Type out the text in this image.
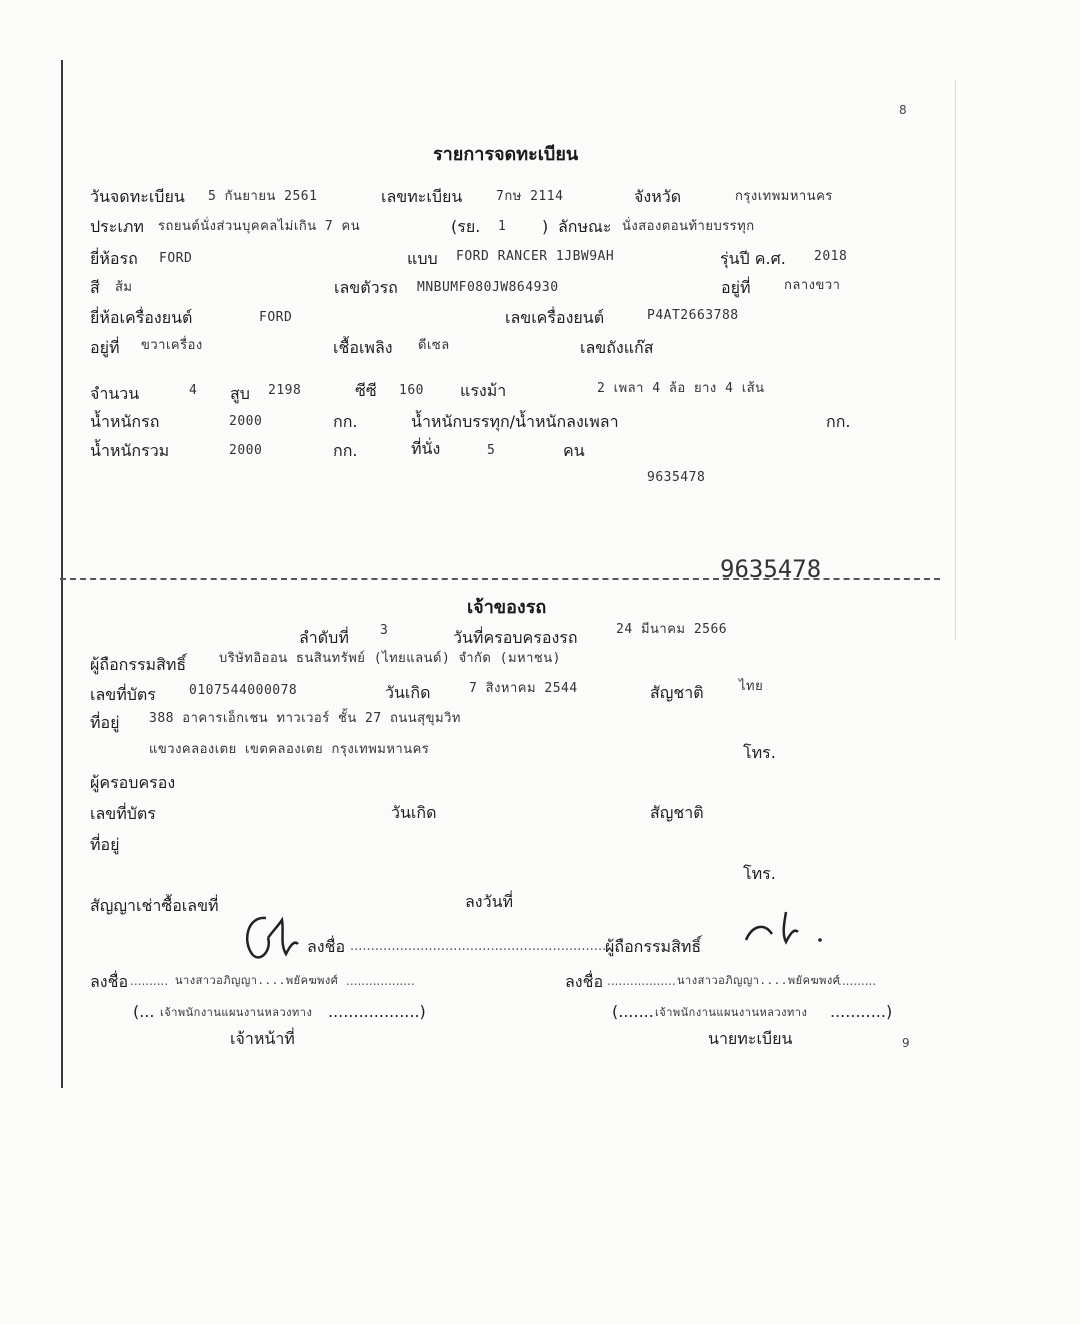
8
รายการจดทะเบียน
วันจดทะเบียน 5 กันยายน 2561	เลขทะเบียน	7กษ 2114	จังหวัด	กรุงเทพมหานคร
ประเภท รถยนต์นั่งส่วนบุคคลไม่เกิน 7 คน	(รย. 1 ) ลักษณะ นั่งสองตอนท้ายบรรทุก
ยี่ห้อรถ FORD	แบบ FORD RANCER 1JBW9AH	รุ่นปี ค.ศ. 2018
สี ส้ม	เลขตัวรถ MNBUMF080JW864930	อยู่ที่	กลางขวา
ยี่ห้อเครื่องยนต์	FORD	เลขเครื่องยนต์	P4AT2663788
อยู่ที่ ขวาเครื่อง	เชื้อเพลิง ดีเซล	เลขถังแก๊ส
จำนวน	4 สูบ 2198	ซีซี 160 แรงม้า	2 เพลา 4 ล้อ ยาง 4 เส้น
น้ำหนักรถ	2000	กก.	น้ำหนักบรรทุก/น้ำหนักลงเพลา	กก.
น้ำหนักรวม	2000	กก.	ที่นั่ง	5	คน
9635478
9635478
เจ้าของรถ
ลำดับที่ 3	วันที่ครอบครองรถ	24 มีนาคม 2566
ผู้ถือกรรมสิทธิ์	บริษัทอิออน ธนสินทรัพย์ (ไทยแลนด์) จำกัด (มหาชน)
เลขที่บัตร	0107544000078	วันเกิด	7 สิงหาคม 2544	สัญชาติ	ไทย
ที่อยู่ 388 อาคารเอ็กเชน ทาวเวอร์ ชั้น 27 ถนนสุขุมวิท
แขวงคลองเตย เขตคลองเตย กรุงเทพมหานคร	โทร.
ผู้ครอบครอง
เลขที่บัตร	วันเกิด	สัญชาติ
ที่อยู่
โทร.
สัญญาเช่าซื้อเลขที่	ลงวันที่
ลงชื่อ .................................................................
ผู้ถือกรรมสิทธิ์
ลงชื่อ .......... นางสาวอภิญญา....พยัคฆพงศ์ ..................	ลงชื่อ .................. นางสาวอภิญญา....พยัคฆพงศ์
..........
(... เจ้าพนักงานแผนงานหลวงทาง ..................)
เจ้าหน้าที่
(....... เจ้าพนักงานแผนงานหลวงทาง ...........)
นายทะเบียน	9
